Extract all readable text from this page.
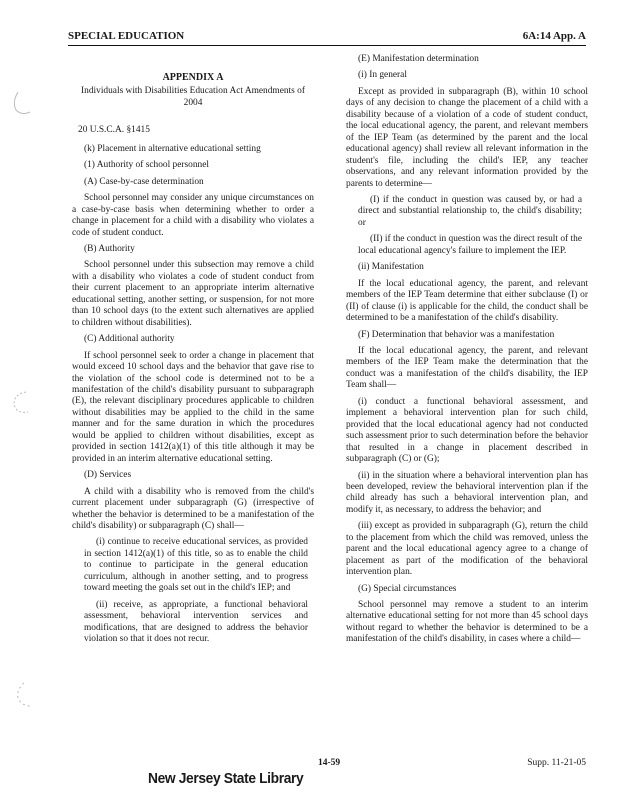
SPECIAL EDUCATION	6A:14 App. A
APPENDIX A
Individuals with Disabilities Education Act Amendments of 2004
20 U.S.C.A. §1415

(k) Placement in alternative educational setting

(1) Authority of school personnel

(A) Case-by-case determination

School personnel may consider any unique circumstances on a case-by-case basis when determining whether to order a change in placement for a child with a disability who violates a code of student conduct.

(B) Authority

School personnel under this subsection may remove a child with a disability who violates a code of student conduct from their current placement to an appropriate interim alternative educational setting, another setting, or suspension, for not more than 10 school days (to the extent such alternatives are applied to children without disabilities).

(C) Additional authority

If school personnel seek to order a change in placement that would exceed 10 school days and the behavior that gave rise to the violation of the school code is determined not to be a manifestation of the child's disability pursuant to subparagraph (E), the relevant disciplinary procedures applicable to children without disabilities may be applied to the child in the same manner and for the same duration in which the procedures would be applied to children without disabilities, except as provided in section 1412(a)(1) of this title although it may be provided in an interim alternative educational setting.

(D) Services

A child with a disability who is removed from the child's current placement under subparagraph (G) (irrespective of whether the behavior is determined to be a manifestation of the child's disability) or subparagraph (C) shall—

(i) continue to receive educational services, as provided in section 1412(a)(1) of this title, so as to enable the child to continue to participate in the general education curriculum, although in another setting, and to progress toward meeting the goals set out in the child's IEP; and

(ii) receive, as appropriate, a functional behavioral assessment, behavioral intervention services and modifications, that are designed to address the behavior violation so that it does not recur.

(E) Manifestation determination

(i) In general

Except as provided in subparagraph (B), within 10 school days of any decision to change the placement of a child with a disability because of a violation of a code of student conduct, the local educational agency, the parent, and relevant members of the IEP Team (as determined by the parent and the local educational agency) shall review all relevant information in the student's file, including the child's IEP, any teacher observations, and any relevant information provided by the parents to determine—

(I) if the conduct in question was caused by, or had a direct and substantial relationship to, the child's disability; or

(II) if the conduct in question was the direct result of the local educational agency's failure to implement the IEP.

(ii) Manifestation

If the local educational agency, the parent, and relevant members of the IEP Team determine that either subclause (I) or (II) of clause (i) is applicable for the child, the conduct shall be determined to be a manifestation of the child's disability.

(F) Determination that behavior was a manifestation

If the local educational agency, the parent, and relevant members of the IEP Team make the determination that the conduct was a manifestation of the child's disability, the IEP Team shall—

(i) conduct a functional behavioral assessment, and implement a behavioral intervention plan for such child, provided that the local educational agency had not conducted such assessment prior to such determination before the behavior that resulted in a change in placement described in subparagraph (C) or (G);

(ii) in the situation where a behavioral intervention plan has been developed, review the behavioral intervention plan if the child already has such a behavioral intervention plan, and modify it, as necessary, to address the behavior; and

(iii) except as provided in subparagraph (G), return the child to the placement from which the child was removed, unless the parent and the local educational agency agree to a change of placement as part of the modification of the behavioral intervention plan.

(G) Special circumstances

School personnel may remove a student to an interim alternative educational setting for not more than 45 school days without regard to whether the behavior is determined to be a manifestation of the child's disability, in cases where a child—

14-59	Supp. 11-21-05
New Jersey State Library
